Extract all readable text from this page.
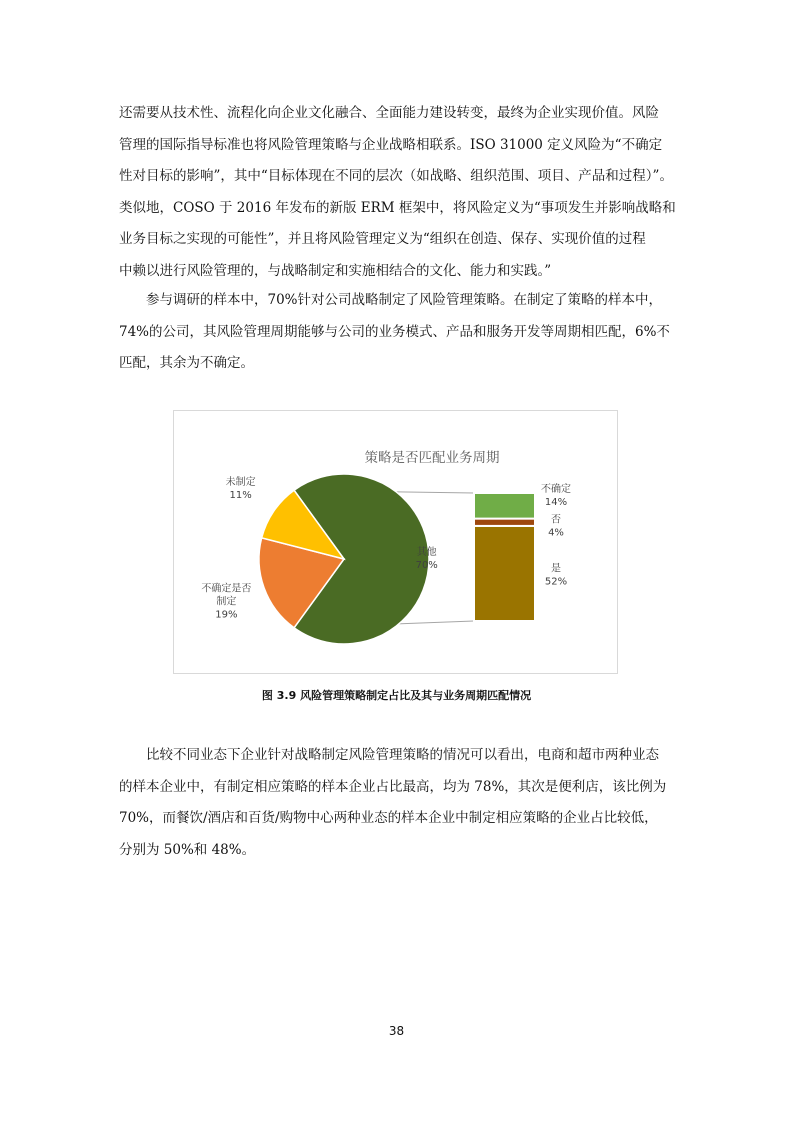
还需要从技术性、流程化向企业文化融合、全面能力建设转变，最终为企业实现价值。风险
管理的国际指导标准也将风险管理策略与企业战略相联系。ISO 31000 定义风险为“不确定
性对目标的影响”，其中“目标体现在不同的层次（如战略、组织范围、项目、产品和过程）”。
类似地，COSO 于 2016 年发布的新版 ERM 框架中，将风险定义为“事项发生并影响战略和
业务目标之实现的可能性”，并且将风险管理定义为“组织在创造、保存、实现价值的过程
中赖以进行风险管理的，与战略制定和实施相结合的文化、能力和实践。”
参与调研的样本中，70%针对公司战略制定了风险管理策略。在制定了策略的样本中，
74%的公司，其风险管理周期能够与公司的业务模式、产品和服务开发等周期相匹配，6%不
匹配，其余为不确定。
策略是否匹配业务周期
其他 70%
不确定是否制定 19%
未制定 11%
是 52%
否 4%
不确定 14%
图 3.9 风险管理策略制定占比及其与业务周期匹配情况
比较不同业态下企业针对战略制定风险管理策略的情况可以看出，电商和超市两种业态
的样本企业中，有制定相应策略的样本企业占比最高，均为 78%，其次是便利店，该比例为
70%，而餐饮/酒店和百货/购物中心两种业态的样本企业中制定相应策略的企业占比较低，
分别为 50%和 48%。
38
